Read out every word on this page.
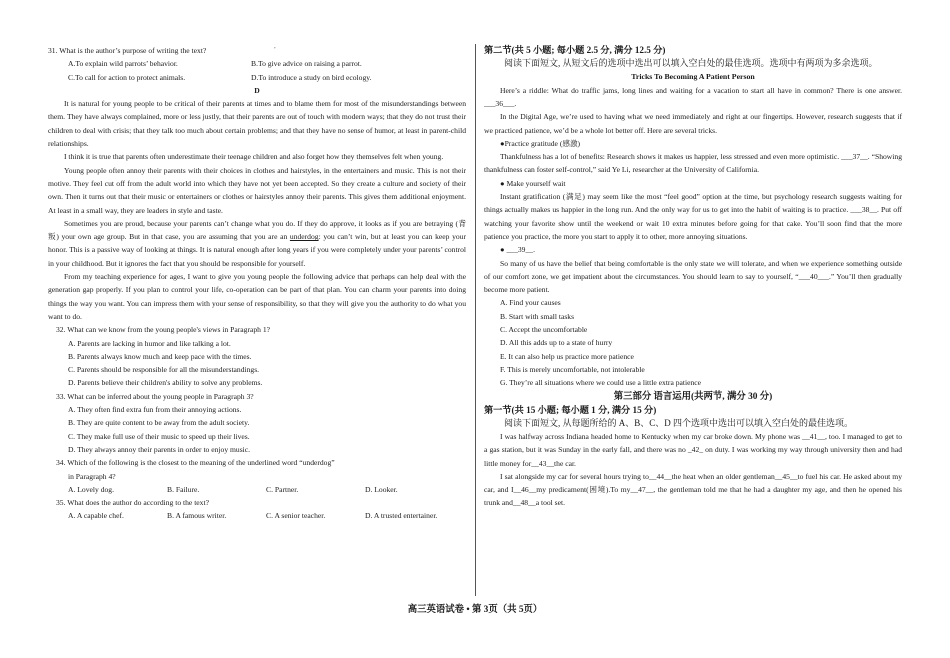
31. What is the author’s purpose of writing the text?	'

A.To explain wild parrots’ behavior.	B.To give advice on raising a parrot.
C.To call for action to protect animals.	D.To introduce a study on bird ecology.

D

It is natural for young people to be critical of their parents at times and to blame them for most of the misunderstandings between them. They have always complained, more or less justly, that their parents are out of touch with modern ways; that they do not trust their children to deal with crisis; that they talk too much about certain problems; and that they have no sense of humor, at least in parent-child relationships.

I think it is true that parents often underestimate their teenage children and also forget how they themselves felt when young.

Young people often annoy their parents with their choices in clothes and hairstyles, in the entertainers and music. This is not their motive. They feel cut off from the adult world into which they have not yet been accepted. So they create a culture and society of their own. Then it turns out that their music or entertainers or clothes or hairstyles annoy their parents. This gives them additional enjoyment. At least in a small way, they are leaders in style and taste.

Sometimes you are proud, because your parents can’t change what you do. If they do approve, it looks as if you are betraying (背叛) your own age group. But in that case, you are assuming that you are an underdog: you can’t win, but at least you can keep your honor. This is a passive way of looking at things. It is natural enough after long years if you were completely under your parents’ control in your childhood. But it ignores the fact that you should be responsible for yourself.

From my teaching experience for ages, I want to give you young people the following advice that perhaps can help deal with the generation gap properly. If you plan to control your life, co-operation can be part of that plan. You can charm your parents into doing things the way you want. You can impress them with your sense of responsibility, so that they will give you the authority to do what you want to do.

32. What can we know from the young people's views in Paragraph 1?

A. Parents are lacking in humor and like talking a lot.

B. Parents always know much and keep pace with the times.

C. Parents should be responsible for all the misunderstandings.

D. Parents believe their children's ability to solve any problems.

33. What can be inferred about the young people in Paragraph 3?

A. They often find extra fun from their annoying actions.

B. They are quite content to be away from the adult society.

C. They make full use of their music to speed up their lives.

D. They always annoy their parents in order to enjoy music.

34. Which of the following is the closest to the meaning of the underlined word “underdog”

in Paragraph 4?

A. Lovely dog.	B. Failure.	C. Partner.	D. Looker.

35. What does the author do according to the text?

A. A capable chef.	B. A famous writer.	C. A senior teacher.	D. A trusted entertainer.

第二节(共 5 小题; 每小题 2.5 分, 满分 12.5 分)

阅读下面短文, 从短文后的选项中选出可以填入空白处的最佳选项。选项中有两项为多余选项。

Tricks To Becoming A Patient Person

Here’s a riddle: What do traffic jams, long lines and waiting for a vacation to start all have in common? There is one answer. ___36___.

In the Digital Age, we’re used to having what we need immediately and right at our fingertips. However, research suggests that if we practiced patience, we’d be a whole lot better off. Here are several tricks.

●Practice gratitude (感激)

Thankfulness has a lot of benefits: Research shows it makes us happier, less stressed and even more optimistic. ___37__. “Showing thankfulness can foster self-control,” said Ye Li, researcher at the University of California.

● Make yourself wait

Instant gratification (满足) may seem like the most “feel good” option at the time, but psychology research suggests waiting for things actually makes us happier in the long run. And the only way for us to get into the habit of waiting is to practice. ___38__. Put off watching your favorite show until the weekend or wait 10 extra minutes before going for that cake. You’ll soon find that the more patience you practice, the more you start to apply it to other, more annoying situations.

● ___39__.

So many of us have the belief that being comfortable is the only state we will tolerate, and when we experience something outside of our comfort zone, we get impatient about the circumstances. You should learn to say to yourself, “___40___.” You’ll then gradually become more patient.

A. Find your causes

B. Start with small tasks

C. Accept the uncomfortable

D. All this adds up to a state of hurry

E. It can also help us practice more patience

F. This is merely uncomfortable, not intolerable

G. They’re all situations where we could use a little extra patience

第三部分 语言运用(共两节, 满分 30 分)

第一节(共 15 小题; 每小题 1 分, 满分 15 分)

阅读下面短文, 从每题所给的 A、B、C、D 四个选项中选出可以填入空白处的最佳选项。

I was halfway across Indiana headed home to Kentucky when my car broke down. My phone was __41__, too. I managed to get to a gas station, but it was Sunday in the early fall, and there was no _42_ on duty. I was working my way through university then and had little money for__43__the car.

I sat alongside my car for several hours trying to__44__the heat when an older gentleman__45__to fuel his car. He asked about my car, and I__46__my predicament(困境).To my__47__, the gentleman told me that he had a daughter my age, and then he opened his trunk and__48__a tool set.

高三英语试卷 • 第 3页（共 5页）
